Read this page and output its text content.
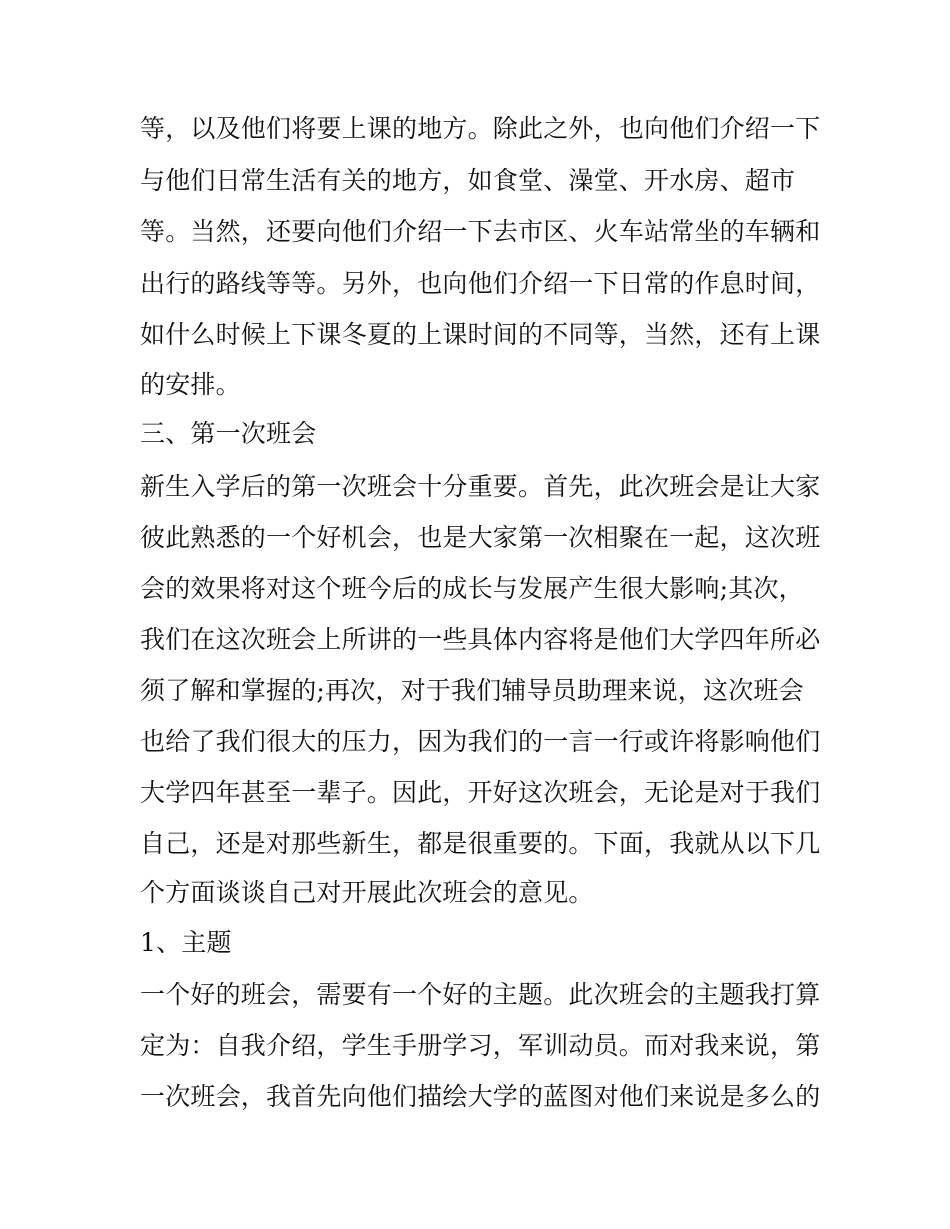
等，以及他们将要上课的地方。除此之外，也向他们介绍一下
与他们日常生活有关的地方，如食堂、澡堂、开水房、超市
等。当然，还要向他们介绍一下去市区、火车站常坐的车辆和
出行的路线等等。另外，也向他们介绍一下日常的作息时间，
如什么时候上下课冬夏的上课时间的不同等，当然，还有上课
的安排。
三、第一次班会
新生入学后的第一次班会十分重要。首先，此次班会是让大家
彼此熟悉的一个好机会，也是大家第一次相聚在一起，这次班
会的效果将对这个班今后的成长与发展产生很大影响;其次，
我们在这次班会上所讲的一些具体内容将是他们大学四年所必
须了解和掌握的;再次，对于我们辅导员助理来说，这次班会
也给了我们很大的压力，因为我们的一言一行或许将影响他们
大学四年甚至一辈子。因此，开好这次班会，无论是对于我们
自己，还是对那些新生，都是很重要的。下面，我就从以下几
个方面谈谈自己对开展此次班会的意见。
1、主题
一个好的班会，需要有一个好的主题。此次班会的主题我打算
定为：自我介绍，学生手册学习，军训动员。而对我来说，第
一次班会，我首先向他们描绘大学的蓝图对他们来说是多么的
